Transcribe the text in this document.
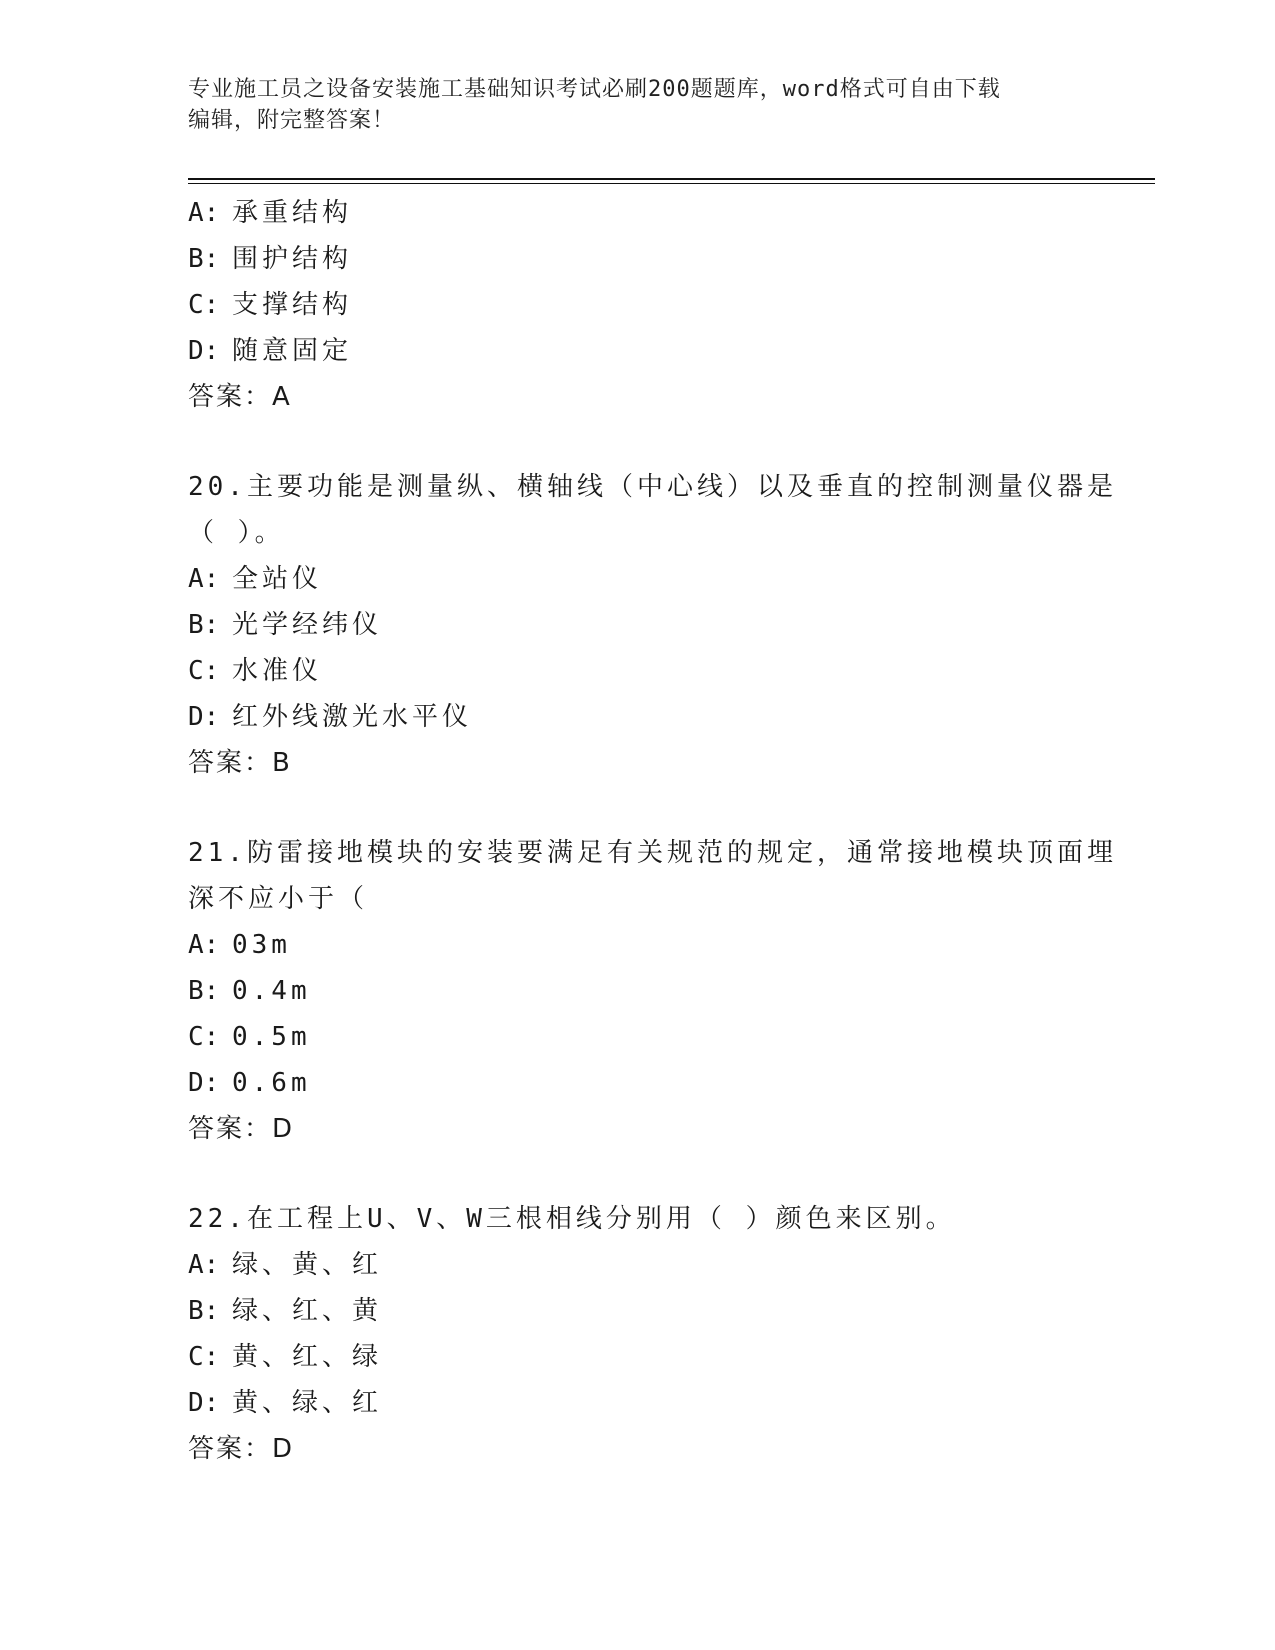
专业施工员之设备安装施工基础知识考试必刷200题题库，word格式可自由下载
编辑，附完整答案！
A: 承重结构
B: 围护结构
C: 支撑结构
D: 随意固定
答案：A
20.主要功能是测量纵、横轴线（中心线）以及垂直的控制测量仪器是
（ ）。
A: 全站仪
B: 光学经纬仪
C: 水准仪
D: 红外线激光水平仪
答案：B
21.防雷接地模块的安装要满足有关规范的规定，通常接地模块顶面埋
深不应小于（
A: 03m
B: 0.4m
C: 0.5m
D: 0.6m
答案：D
22.在工程上U、V、W三根相线分别用（ ）颜色来区别。
A: 绿、黄、红
B: 绿、红、黄
C: 黄、红、绿
D: 黄、绿、红
答案：D
